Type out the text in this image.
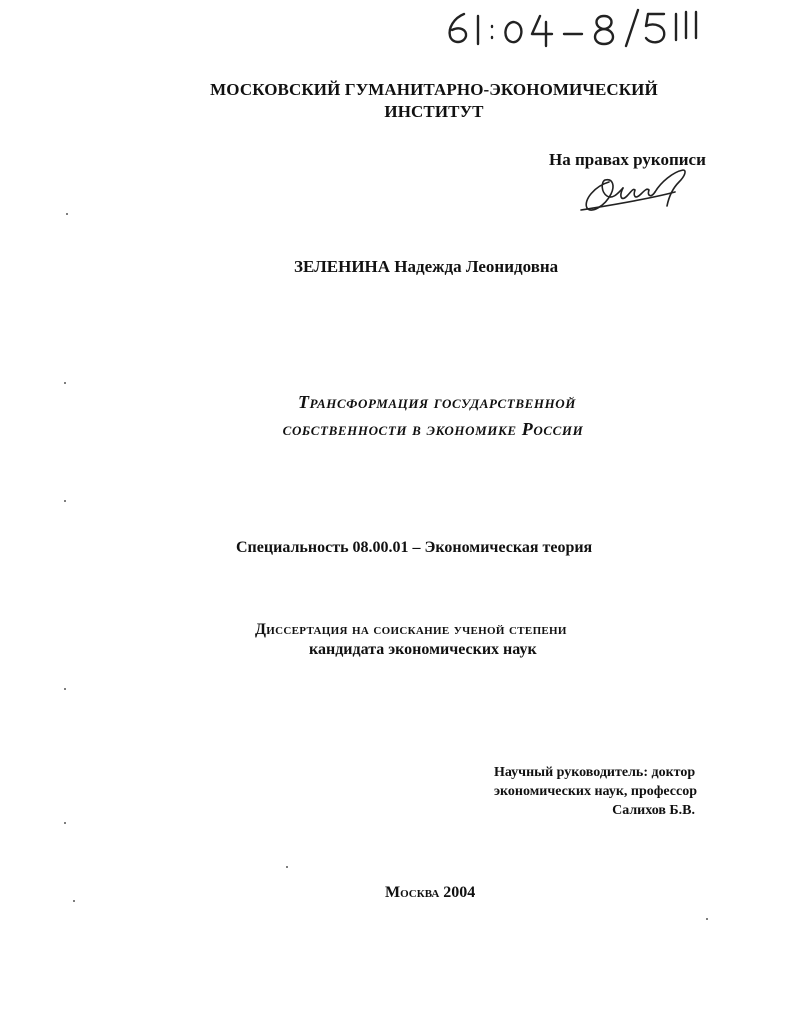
МОСКОВСКИЙ ГУМАНИТАРНО-ЭКОНОМИЧЕСКИЙ
ИНСТИТУТ
На правах рукописи
ЗЕЛЕНИНА Надежда Леонидовна
Трансформация государственной
собственности в экономике России
Специальность 08.00.01 – Экономическая теория
Диссертация на соискание ученой степени
кандидата экономических наук
Научный руководитель: доктор
экономических наук, профессор
Салихов Б.В.
Москва 2004
